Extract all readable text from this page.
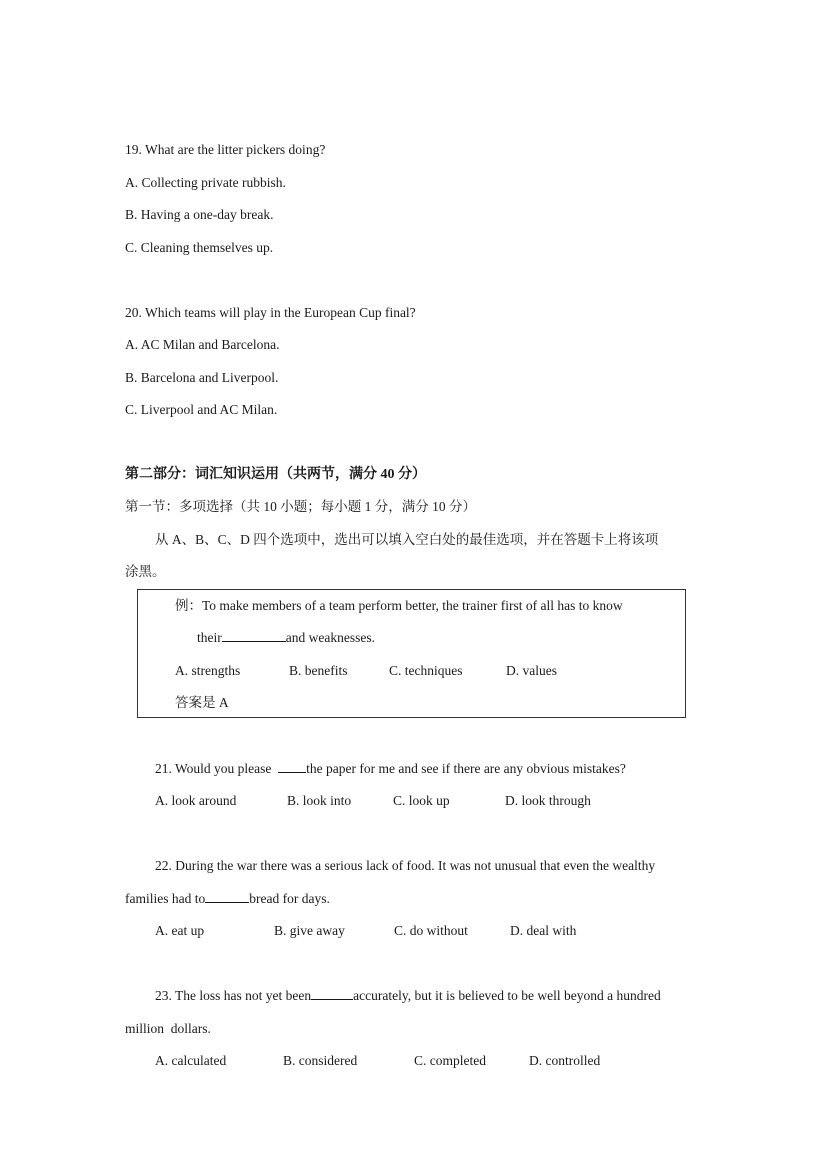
19. What are the litter pickers doing?
A. Collecting private rubbish.
B. Having a one-day break.
C. Cleaning themselves up.
20. Which teams will play in the European Cup final?
A. AC Milan and Barcelona.
B. Barcelona and Liverpool.
C. Liverpool and AC Milan.
第二部分：词汇知识运用（共两节，满分 40 分）
第一节：多项选择（共 10 小题；每小题 1 分，满分 10 分）
从 A、B、C、D 四个选项中，选出可以填入空白处的最佳选项，并在答题卡上将该项
涂黑。
例：To make members of a team perform better, the trainer first of all has to know
their	and weaknesses.
A. strengths	B. benefits	C. techniques	D. values
答案是 A
21. Would you please	the paper for me and see if there are any obvious mistakes?
A. look around	B. look into	C. look up	D. look through
22. During the war there was a serious lack of food. It was not unusual that even the wealthy
families had to	bread for days.
A. eat up	B. give away	C. do without	D. deal with
23. The loss has not yet been	accurately, but it is believed to be well beyond a hundred
million  dollars.
A. calculated	B. considered	C. completed	D. controlled
